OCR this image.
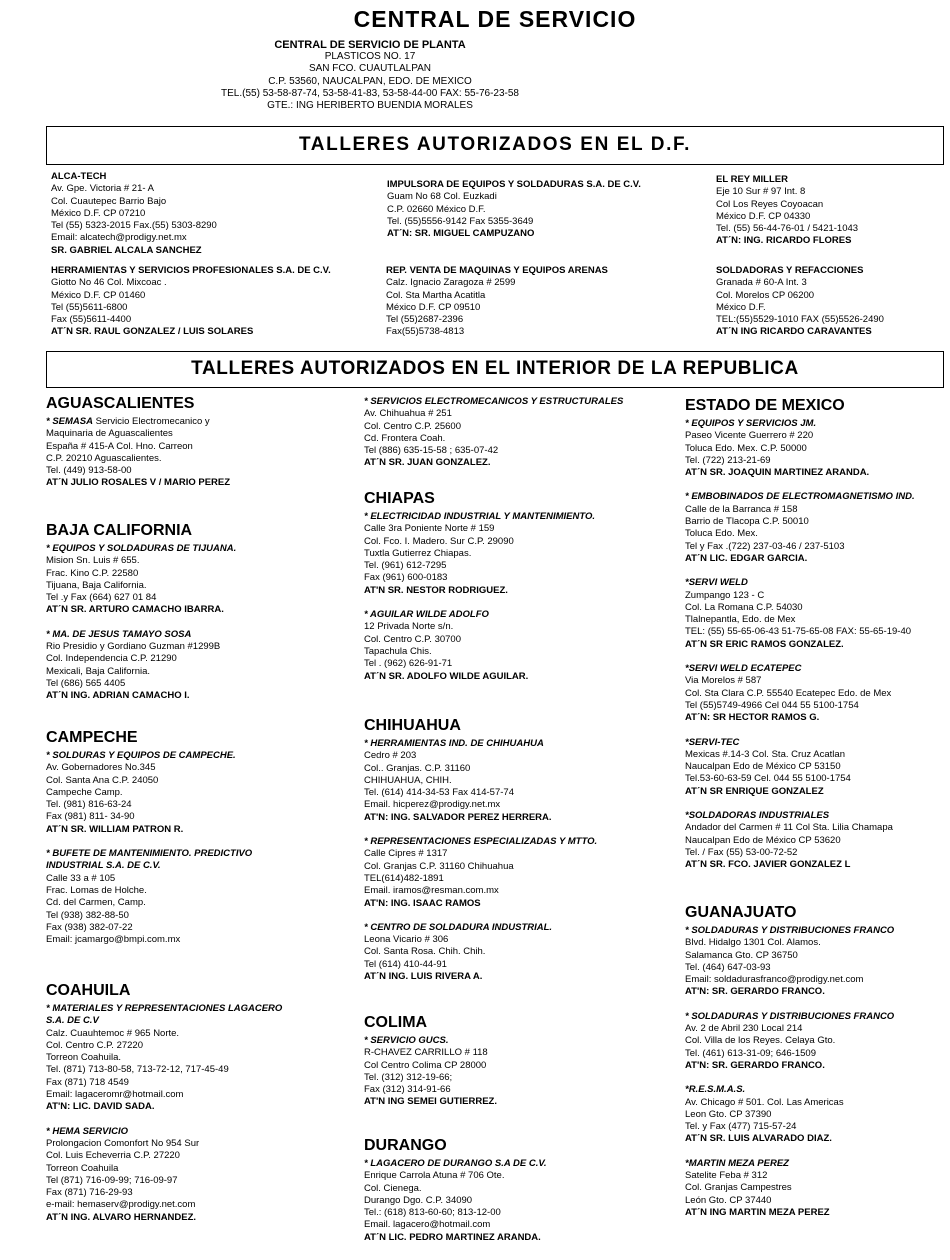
CENTRAL DE SERVICIO
CENTRAL DE SERVICIO DE PLANTA
PLASTICOS NO. 17
SAN FCO. CUAUTLALPAN
C.P. 53560, NAUCALPAN, EDO. DE MEXICO
TEL.(55) 53-58-87-74, 53-58-41-83, 53-58-44-00 FAX: 55-76-23-58
GTE.: ING HERIBERTO BUENDIA MORALES
TALLERES AUTORIZADOS EN EL D.F.
ALCA-TECH
Av. Gpe. Victoria # 21- A
Col. Cuautepec Barrio Bajo
México D.F. CP 07210
Tel (55) 5323-2015 Fax.(55) 5303-8290
Email: alcatech@prodigy.net.mx
SR. GABRIEL ALCALA SANCHEZ
IMPULSORA DE EQUIPOS Y SOLDADURAS S.A. DE C.V.
Guam No 68 Col. Euzkadi
C.P. 02660 México D.F.
Tel. (55)5556-9142 Fax 5355-3649
AT´N: SR. MIGUEL CAMPUZANO
EL REY MILLER
Eje 10 Sur # 97 Int. 8
Col Los Reyes Coyoacan
México D.F. CP 04330
Tel. (55) 56-44-76-01 / 5421-1043
AT´N: ING. RICARDO FLORES
HERRAMIENTAS Y SERVICIOS PROFESIONALES S.A. DE C.V.
Giotto No 46 Col. Mixcoac .
México D.F. CP 01460
Tel (55)5611-6800
Fax (55)5611-4400
AT´N SR. RAUL GONZALEZ / LUIS SOLARES
REP. VENTA DE MAQUINAS Y EQUIPOS ARENAS
Calz. Ignacio Zaragoza # 2599
Col. Sta Martha Acatitla
México D.F. CP 09510
Tel (55)2687-2396
Fax(55)5738-4813
SOLDADORAS Y REFACCIONES
Granada # 60-A Int. 3
Col. Morelos CP 06200
México D.F.
TEL:(55)5529-1010 FAX (55)5526-2490
AT´N ING RICARDO CARAVANTES
TALLERES AUTORIZADOS EN EL INTERIOR DE LA REPUBLICA
AGUASCALIENTES
* SEMASA Servicio Electromecanico y
Maquinaria de Aguascalientes
España # 415-A Col. Hno. Carreon
C.P. 20210 Aguascalientes.
Tel. (449) 913-58-00
AT´N JULIO ROSALES V / MARIO PEREZ
BAJA CALIFORNIA
* EQUIPOS Y SOLDADURAS DE TIJUANA.
Mision Sn. Luis # 655.
Frac. Kino C.P. 22580
Tijuana, Baja California.
Tel .y Fax (664) 627 01 84
AT´N SR. ARTURO CAMACHO IBARRA.
* MA. DE JESUS TAMAYO SOSA
Rio Presidio y Gordiano Guzman #1299B
Col. Independencia C.P. 21290
Mexicali, Baja California.
Tel (686) 565 4405
AT´N ING. ADRIAN CAMACHO I.
CAMPECHE
* SOLDURAS Y EQUIPOS DE CAMPECHE.
Av. Gobernadores No.345
Col. Santa Ana C.P. 24050
Campeche Camp.
Tel. (981) 816-63-24
Fax (981) 811- 34-90
AT´N SR. WILLIAM PATRON R.
* BUFETE DE MANTENIMIENTO. PREDICTIVO
INDUSTRIAL S.A. DE C.V.
Calle 33 a # 105
Frac. Lomas de Holche.
Cd. del Carmen, Camp.
Tel (938) 382-88-50
Fax (938) 382-07-22
Email: jcamargo@bmpi.com.mx
COAHUILA
* MATERIALES Y REPRESENTACIONES LAGACERO
S.A. DE C.V
Calz. Cuauhtemoc # 965 Norte.
Col. Centro C.P. 27220
Torreon Coahuila.
Tel. (871) 713-80-58, 713-72-12, 717-45-49
Fax (871) 718 4549
Email: lagaceromr@hotmail.com
AT'N: LIC. DAVID SADA.
* HEMA SERVICIO
Prolongacion Comonfort No 954 Sur
Col. Luis Echeverria C.P. 27220
Torreon Coahuila
Tel (871) 716-09-99; 716-09-97
Fax (871) 716-29-93
e-mail: hemaserv@prodigy.net.com
AT´N ING. ALVARO HERNANDEZ.
* SERVICIOS ELECTROMECANICOS Y ESTRUCTURALES
Av. Chihuahua # 251
Col. Centro C.P. 25600
Cd. Frontera Coah.
Tel (886) 635-15-58 ; 635-07-42
AT´N SR. JUAN GONZALEZ.
CHIAPAS
* ELECTRICIDAD INDUSTRIAL Y MANTENIMIENTO.
Calle 3ra Poniente Norte # 159
Col. Fco. I. Madero. Sur C.P. 29090
Tuxtla Gutierrez Chiapas.
Tel. (961) 612-7295
Fax (961) 600-0183
AT'N SR. NESTOR RODRIGUEZ.
* AGUILAR WILDE ADOLFO
12 Privada Norte s/n.
Col. Centro C.P. 30700
Tapachula Chis.
Tel . (962) 626-91-71
AT´N SR. ADOLFO WILDE AGUILAR.
CHIHUAHUA
* HERRAMIENTAS IND. DE CHIHUAHUA
Cedro # 203
Col.. Granjas. C.P. 31160
CHIHUAHUA, CHIH.
Tel. (614) 414-34-53 Fax 414-57-74
Email. hicperez@prodigy.net.mx
AT'N: ING. SALVADOR PEREZ HERRERA.
* REPRESENTACIONES ESPECIALIZADAS Y MTTO.
Calle Cipres # 1317
Col. Granjas C.P. 31160 Chihuahua
TEL(614)482-1891
Email. iramos@resman.com.mx
AT'N: ING. ISAAC RAMOS
* CENTRO DE SOLDADURA INDUSTRIAL.
Leona Vicario # 306
Col. Santa Rosa. Chih. Chih.
Tel (614) 410-44-91
AT´N ING. LUIS RIVERA A.
COLIMA
* SERVICIO GUCS.
R-CHAVEZ CARRILLO # 118
Col Centro Colima CP 28000
Tel. (312) 312-19-66;
Fax (312) 314-91-66
AT'N ING SEMEI GUTIERREZ.
DURANGO
* LAGACERO DE DURANGO S.A DE C.V.
Enrique Carrola Atuna # 706 Ote.
Col. Cienega.
Durango Dgo. C.P. 34090
Tel.: (618) 813-60-60; 813-12-00
Email. lagacero@hotmail.com
AT´N LIC. PEDRO MARTINEZ ARANDA.
ESTADO DE MEXICO
* EQUIPOS Y SERVICIOS JM.
Paseo Vicente Guerrero # 220
Toluca Edo. Mex. C.P. 50000
Tel. (722) 213-21-69
AT´N SR. JOAQUIN MARTINEZ ARANDA.
* EMBOBINADOS DE ELECTROMAGNETISMO IND.
Calle de la Barranca # 158
Barrio de Tlacopa C.P. 50010
Toluca Edo. Mex.
Tel y Fax .(722) 237-03-46 / 237-5103
AT´N LIC. EDGAR GARCIA.
*SERVI WELD
Zumpango 123 - C
Col. La Romana C.P. 54030
Tlalnepantla, Edo. de Mex
TEL: (55) 55-65-06-43 51-75-65-08 FAX: 55-65-19-40
AT´N SR ERIC RAMOS GONZALEZ.
*SERVI WELD ECATEPEC
Via Morelos # 587
Col. Sta Clara C.P. 55540 Ecatepec Edo. de Mex
Tel (55)5749-4966 Cel 044 55 5100-1754
AT´N: SR HECTOR RAMOS G.
*SERVI-TEC
Mexicas #.14-3 Col. Sta. Cruz Acatlan
Naucalpan Edo de México CP 53150
Tel.53-60-63-59 Cel. 044 55 5100-1754
AT´N SR ENRIQUE GONZALEZ
*SOLDADORAS INDUSTRIALES
Andador del Carmen # 11 Col Sta. Lilia Chamapa
Naucalpan Edo de México CP 53620
Tel. / Fax (55) 53-00-72-52
AT´N SR. FCO. JAVIER GONZALEZ L
GUANAJUATO
* SOLDADURAS Y DISTRIBUCIONES FRANCO
Blvd. Hidalgo 1301 Col. Alamos.
Salamanca Gto. CP 36750
Tel. (464) 647-03-93
Email: soldadurasfranco@prodigy.net.com
AT'N: SR. GERARDO FRANCO.
* SOLDADURAS Y DISTRIBUCIONES FRANCO
Av. 2 de Abril 230 Local 214
Col. Villa de los Reyes. Celaya Gto.
Tel. (461) 613-31-09; 646-1509
AT'N: SR. GERARDO FRANCO.
*R.E.S.M.A.S.
Av. Chicago # 501. Col. Las Americas
Leon Gto. CP 37390
Tel. y Fax (477) 715-57-24
AT´N SR. LUIS ALVARADO DIAZ.
*MARTIN MEZA PEREZ
Satelite Feba # 312
Col. Granjas Campestres
León Gto. CP 37440
AT´N ING MARTIN MEZA PEREZ
